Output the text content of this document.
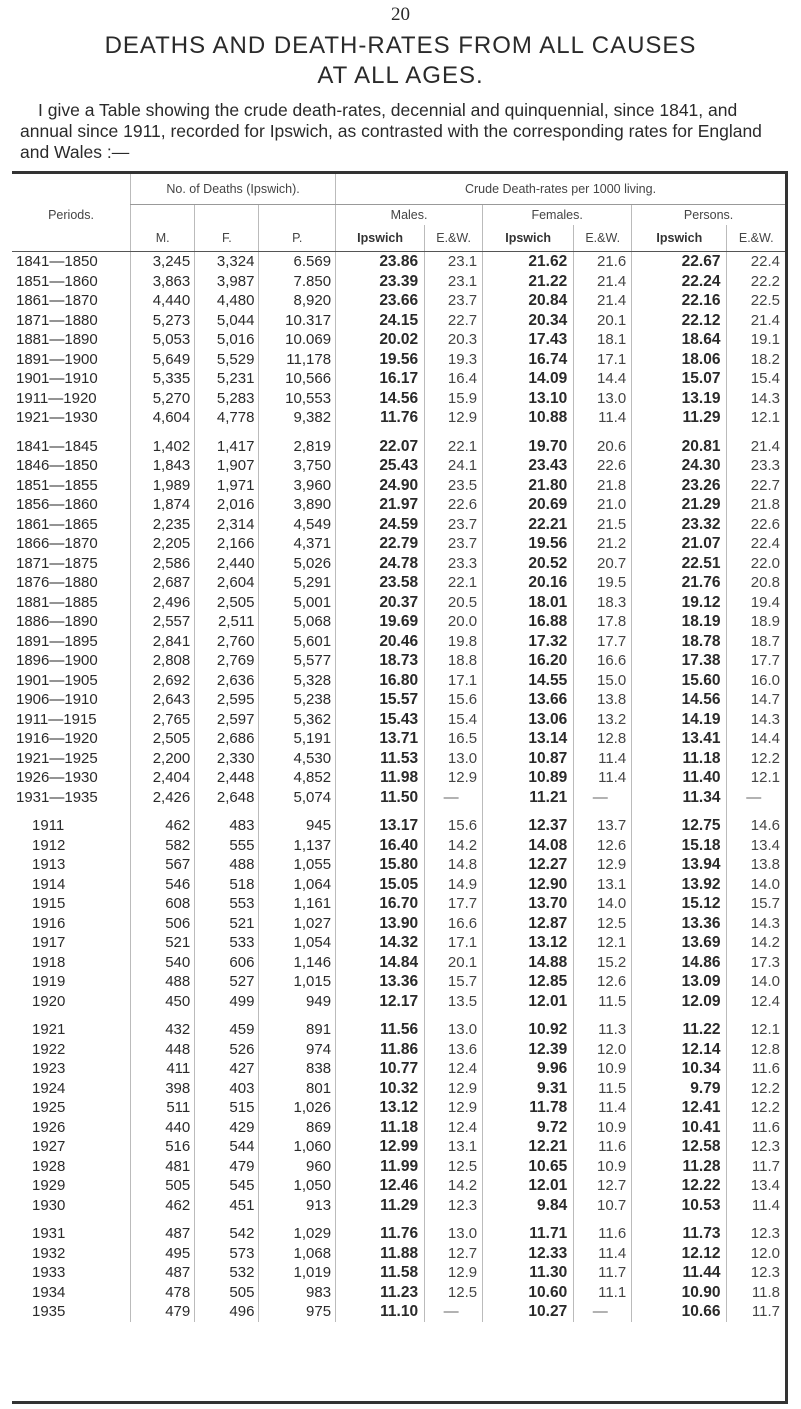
20
DEATHS AND DEATH-RATES FROM ALL CAUSES
AT ALL AGES.

I give a Table showing the crude death-rates, decennial and quinquennial, since 1841, and annual since 1911, recorded for Ipswich, as contrasted with the corresponding rates for England and Wales :—

	No. of Deaths (Ipswich).			Crude Death-rates per 1000 living.					
Periods.				Males.		Females.		Persons.	
	M.	F.	P.	Ipswich	E.&W.	Ipswich	E.&W.	Ipswich	E.&W.
1841—1850	3,245	3,324	6.569	23.86	23.1	21.62	21.6	22.67	22.4
1851—1860	3,863	3,987	7.850	23.39	23.1	21.22	21.4	22.24	22.2
1861—1870	4,440	4,480	8,920	23.66	23.7	20.84	21.4	22.16	22.5
1871—1880	5,273	5,044	10.317	24.15	22.7	20.34	20.1	22.12	21.4
1881—1890	5,053	5,016	10.069	20.02	20.3	17.43	18.1	18.64	19.1
1891—1900	5,649	5,529	11,178	19.56	19.3	16.74	17.1	18.06	18.2
1901—1910	5,335	5,231	10,566	16.17	16.4	14.09	14.4	15.07	15.4
1911—1920	5,270	5,283	10,553	14.56	15.9	13.10	13.0	13.19	14.3
1921—1930	4,604	4,778	9,382	11.76	12.9	10.88	11.4	11.29	12.1
1841—1845	1,402	1,417	2,819	22.07	22.1	19.70	20.6	20.81	21.4
1846—1850	1,843	1,907	3,750	25.43	24.1	23.43	22.6	24.30	23.3
1851—1855	1,989	1,971	3,960	24.90	23.5	21.80	21.8	23.26	22.7
1856—1860	1,874	2,016	3,890	21.97	22.6	20.69	21.0	21.29	21.8
1861—1865	2,235	2,314	4,549	24.59	23.7	22.21	21.5	23.32	22.6
1866—1870	2,205	2,166	4,371	22.79	23.7	19.56	21.2	21.07	22.4
1871—1875	2,586	2,440	5,026	24.78	23.3	20.52	20.7	22.51	22.0
1876—1880	2,687	2,604	5,291	23.58	22.1	20.16	19.5	21.76	20.8
1881—1885	2,496	2,505	5,001	20.37	20.5	18.01	18.3	19.12	19.4
1886—1890	2,557	2,511	5,068	19.69	20.0	16.88	17.8	18.19	18.9
1891—1895	2,841	2,760	5,601	20.46	19.8	17.32	17.7	18.78	18.7
1896—1900	2,808	2,769	5,577	18.73	18.8	16.20	16.6	17.38	17.7
1901—1905	2,692	2,636	5,328	16.80	17.1	14.55	15.0	15.60	16.0
1906—1910	2,643	2,595	5,238	15.57	15.6	13.66	13.8	14.56	14.7
1911—1915	2,765	2,597	5,362	15.43	15.4	13.06	13.2	14.19	14.3
1916—1920	2,505	2,686	5,191	13.71	16.5	13.14	12.8	13.41	14.4
1921—1925	2,200	2,330	4,530	11.53	13.0	10.87	11.4	11.18	12.2
1926—1930	2,404	2,448	4,852	11.98	12.9	10.89	11.4	11.40	12.1
1931—1935	2,426	2,648	5,074	11.50	—	11.21	—	11.34	—
1911	462	483	945	13.17	15.6	12.37	13.7	12.75	14.6
1912	582	555	1,137	16.40	14.2	14.08	12.6	15.18	13.4
1913	567	488	1,055	15.80	14.8	12.27	12.9	13.94	13.8
1914	546	518	1,064	15.05	14.9	12.90	13.1	13.92	14.0
1915	608	553	1,161	16.70	17.7	13.70	14.0	15.12	15.7
1916	506	521	1,027	13.90	16.6	12.87	12.5	13.36	14.3
1917	521	533	1,054	14.32	17.1	13.12	12.1	13.69	14.2
1918	540	606	1,146	14.84	20.1	14.88	15.2	14.86	17.3
1919	488	527	1,015	13.36	15.7	12.85	12.6	13.09	14.0
1920	450	499	949	12.17	13.5	12.01	11.5	12.09	12.4
1921	432	459	891	11.56	13.0	10.92	11.3	11.22	12.1
1922	448	526	974	11.86	13.6	12.39	12.0	12.14	12.8
1923	411	427	838	10.77	12.4	9.96	10.9	10.34	11.6
1924	398	403	801	10.32	12.9	9.31	11.5	9.79	12.2
1925	511	515	1,026	13.12	12.9	11.78	11.4	12.41	12.2
1926	440	429	869	11.18	12.4	9.72	10.9	10.41	11.6
1927	516	544	1,060	12.99	13.1	12.21	11.6	12.58	12.3
1928	481	479	960	11.99	12.5	10.65	10.9	11.28	11.7
1929	505	545	1,050	12.46	14.2	12.01	12.7	12.22	13.4
1930	462	451	913	11.29	12.3	9.84	10.7	10.53	11.4
1931	487	542	1,029	11.76	13.0	11.71	11.6	11.73	12.3
1932	495	573	1,068	11.88	12.7	12.33	11.4	12.12	12.0
1933	487	532	1,019	11.58	12.9	11.30	11.7	11.44	12.3
1934	478	505	983	11.23	12.5	10.60	11.1	10.90	11.8
1935	479	496	975	11.10	—	10.27	—	10.66	11.7
